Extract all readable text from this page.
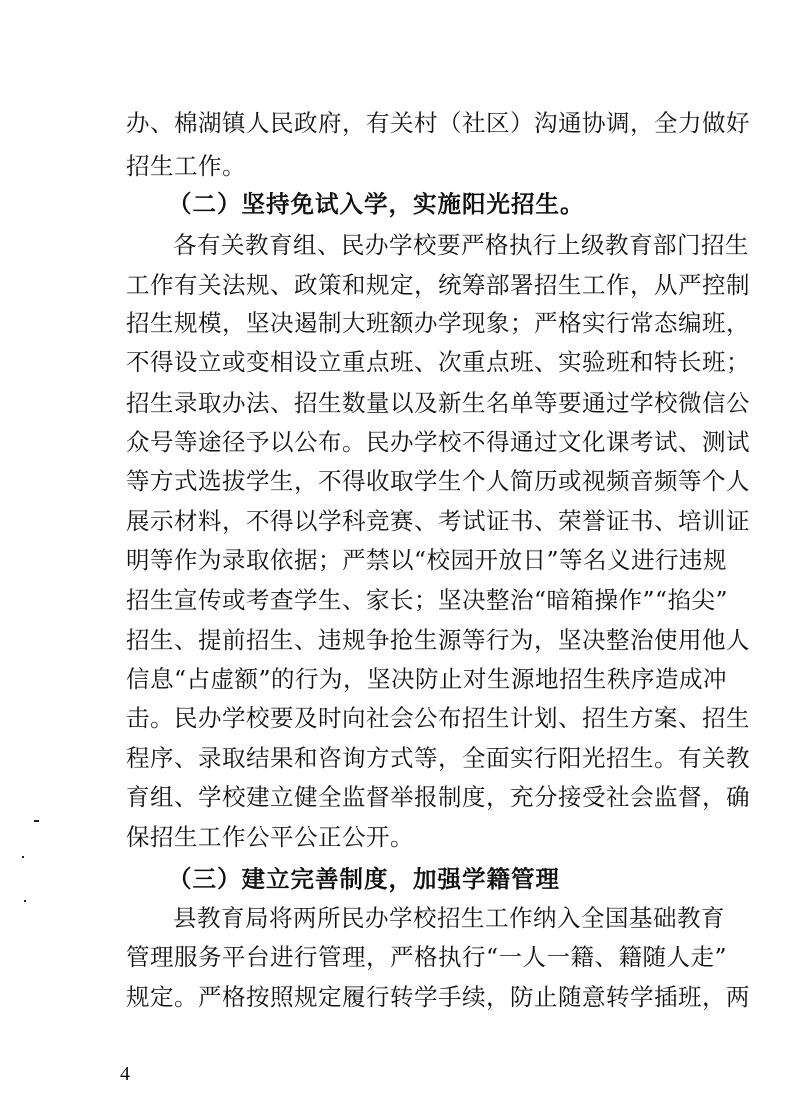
办、棉湖镇人民政府，有关村（社区）沟通协调，全力做好
招生工作。
（二）坚持免试入学，实施阳光招生。
各有关教育组、民办学校要严格执行上级教育部门招生
工作有关法规、政策和规定，统筹部署招生工作，从严控制
招生规模，坚决遏制大班额办学现象；严格实行常态编班，
不得设立或变相设立重点班、次重点班、实验班和特长班；
招生录取办法、招生数量以及新生名单等要通过学校微信公
众号等途径予以公布。民办学校不得通过文化课考试、测试
等方式选拔学生，不得收取学生个人简历或视频音频等个人
展示材料，不得以学科竞赛、考试证书、荣誉证书、培训证
明等作为录取依据；严禁以“校园开放日”等名义进行违规
招生宣传或考查学生、家长；坚决整治“暗箱操作”“掐尖”
招生、提前招生、违规争抢生源等行为，坚决整治使用他人
信息“占虚额”的行为，坚决防止对生源地招生秩序造成冲
击。民办学校要及时向社会公布招生计划、招生方案、招生
程序、录取结果和咨询方式等，全面实行阳光招生。有关教
育组、学校建立健全监督举报制度，充分接受社会监督，确
保招生工作公平公正公开。
（三）建立完善制度，加强学籍管理
县教育局将两所民办学校招生工作纳入全国基础教育
管理服务平台进行管理，严格执行“一人一籍、籍随人走”
规定。严格按照规定履行转学手续，防止随意转学插班，两
4
